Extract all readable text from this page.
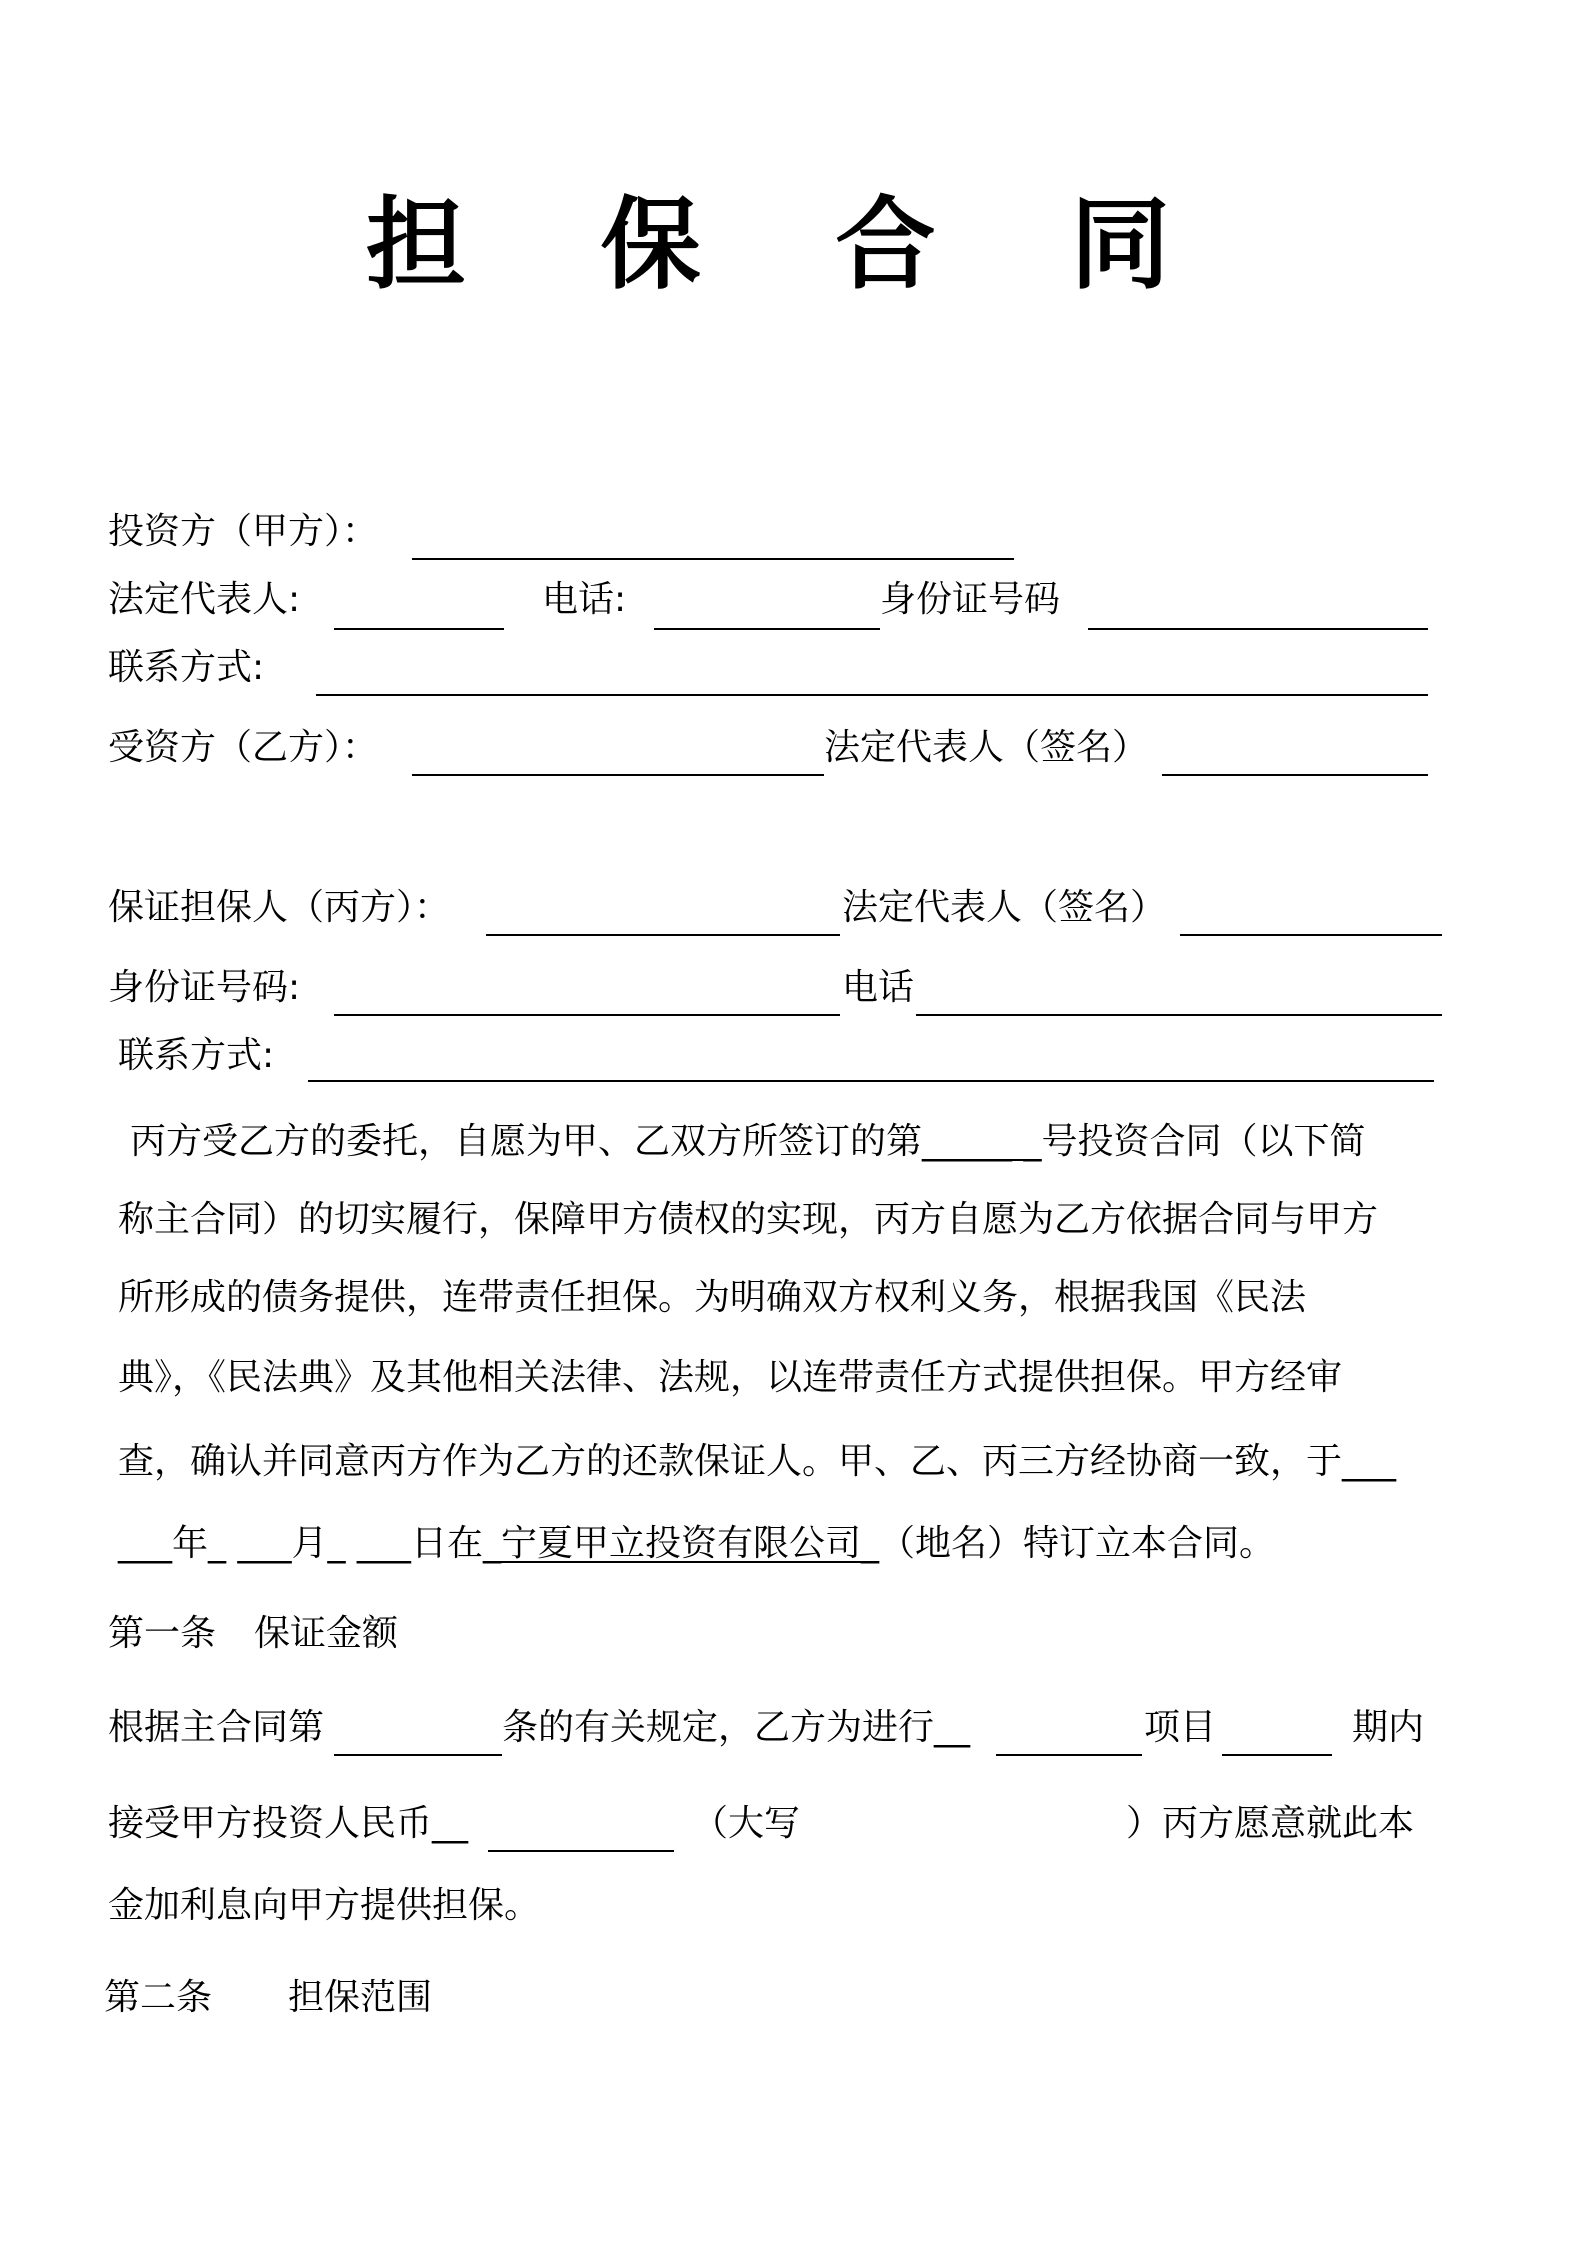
担 保 合 同
投资方（甲方）：
法定代表人:	电话:	身份证号码
联系方式:
受资方（乙方）：	法定代表人（签名）
保证担保人（丙方）：	法定代表人（签名）
身份证号码:	电话
联系方式:
丙方受乙方的委托，自愿为甲、乙双方所签订的第_____ _号投资合同（以下简
称主合同）的切实履行，保障甲方债权的实现，丙方自愿为乙方依据合同与甲方
所形成的债务提供，连带责任担保。为明确双方权利义务，根据我国《民法
典》，《民法典》及其他相关法律、法规，以连带责任方式提供担保。甲方经审
查，确认并同意丙方作为乙方的还款保证人。甲、乙、丙三方经协商一致，于___
___年_ ___月_ ___日在_宁夏甲立投资有限公司_（地名）特订立本合同。
第一条 保证金额
根据主合同第	条的有关规定，乙方为进行__	项目	期内
接受甲方投资人民币__	（大写	）丙方愿意就此本
金加利息向甲方提供担保。
第二条 担保范围
